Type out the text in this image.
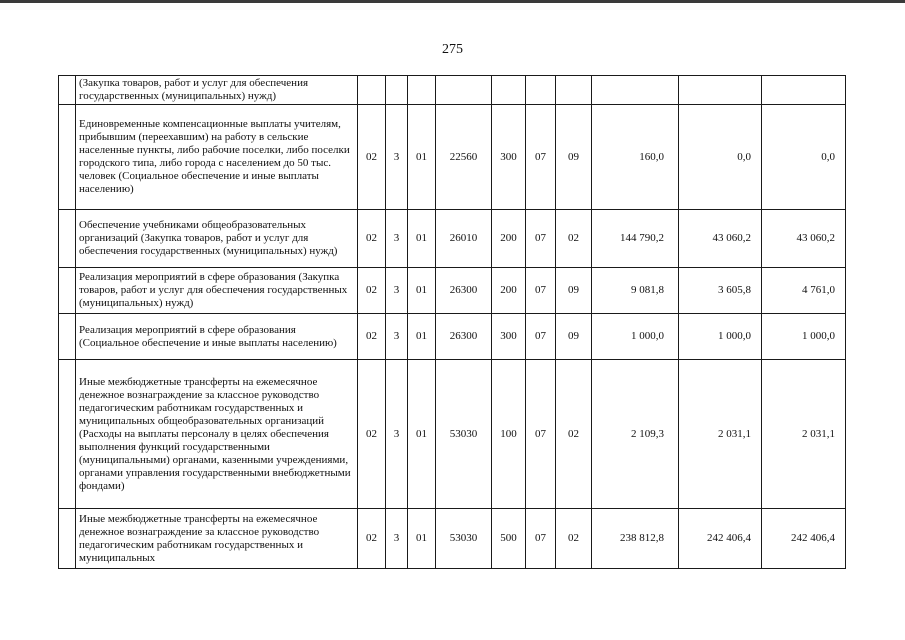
275
	(Закупка товаров, работ и услуг для обеспечения государственных (муниципальных) нужд)										
	Единовременные компенсационные выплаты учителям, прибывшим (переехавшим) на работу в сельские населенные пункты, либо рабочие поселки, либо поселки городского типа, либо города с населением до 50 тыс. человек (Социальное обеспечение и иные выплаты населению)	02	3	01	22560	300	07	09	160,0	0,0	0,0
	Обеспечение учебниками общеобразовательных организаций (Закупка товаров, работ и услуг для обеспечения государственных (муниципальных) нужд)	02	3	01	26010	200	07	02	144 790,2	43 060,2	43 060,2
	Реализация мероприятий в сфере образования (Закупка товаров, работ и услуг для обеспечения государственных (муниципальных) нужд)	02	3	01	26300	200	07	09	9 081,8	3 605,8	4 761,0
	Реализация мероприятий в сфере образования (Социальное обеспечение и иные выплаты населению)	02	3	01	26300	300	07	09	1 000,0	1 000,0	1 000,0
	Иные межбюджетные трансферты на ежемесячное денежное вознаграждение за классное руководство педагогическим работникам государственных и муниципальных общеобразовательных организаций (Расходы на выплаты персоналу в целях обеспечения выполнения функций государственными (муниципальными) органами, казенными учреждениями, органами управления государственными внебюджетными фондами)	02	3	01	53030	100	07	02	2 109,3	2 031,1	2 031,1
	Иные межбюджетные трансферты на ежемесячное денежное вознаграждение за классное руководство педагогическим работникам государственных и муниципальных	02	3	01	53030	500	07	02	238 812,8	242 406,4	242 406,4
